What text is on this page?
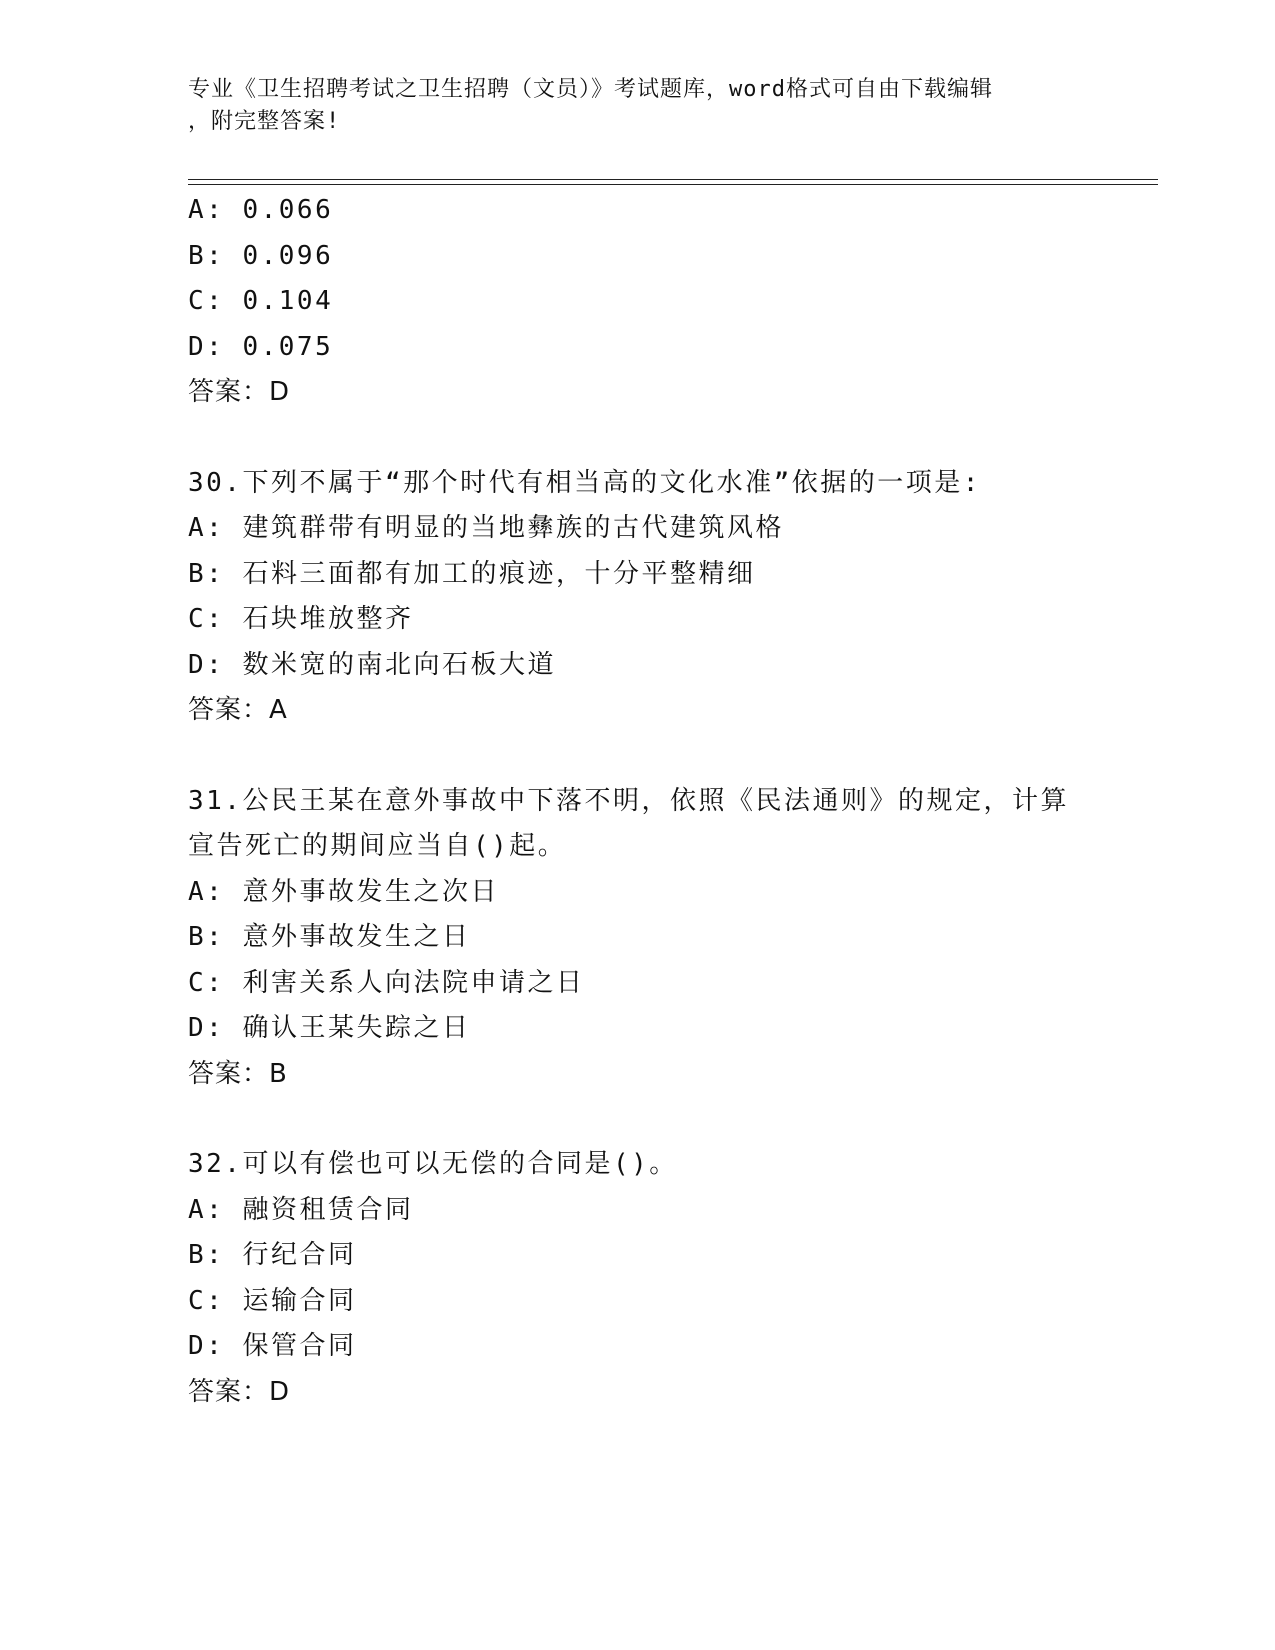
专业《卫生招聘考试之卫生招聘（文员）》考试题库，word格式可自由下载编辑
，附完整答案!
A: 0.066
B: 0.096
C: 0.104
D: 0.075
答案：D
30.下列不属于“那个时代有相当高的文化水准”依据的一项是:
A: 建筑群带有明显的当地彝族的古代建筑风格
B: 石料三面都有加工的痕迹，十分平整精细
C: 石块堆放整齐
D: 数米宽的南北向石板大道
答案：A
31.公民王某在意外事故中下落不明，依照《民法通则》的规定，计算
宣告死亡的期间应当自()起。
A: 意外事故发生之次日
B: 意外事故发生之日
C: 利害关系人向法院申请之日
D: 确认王某失踪之日
答案：B
32.可以有偿也可以无偿的合同是()。
A: 融资租赁合同
B: 行纪合同
C: 运输合同
D: 保管合同
答案：D
